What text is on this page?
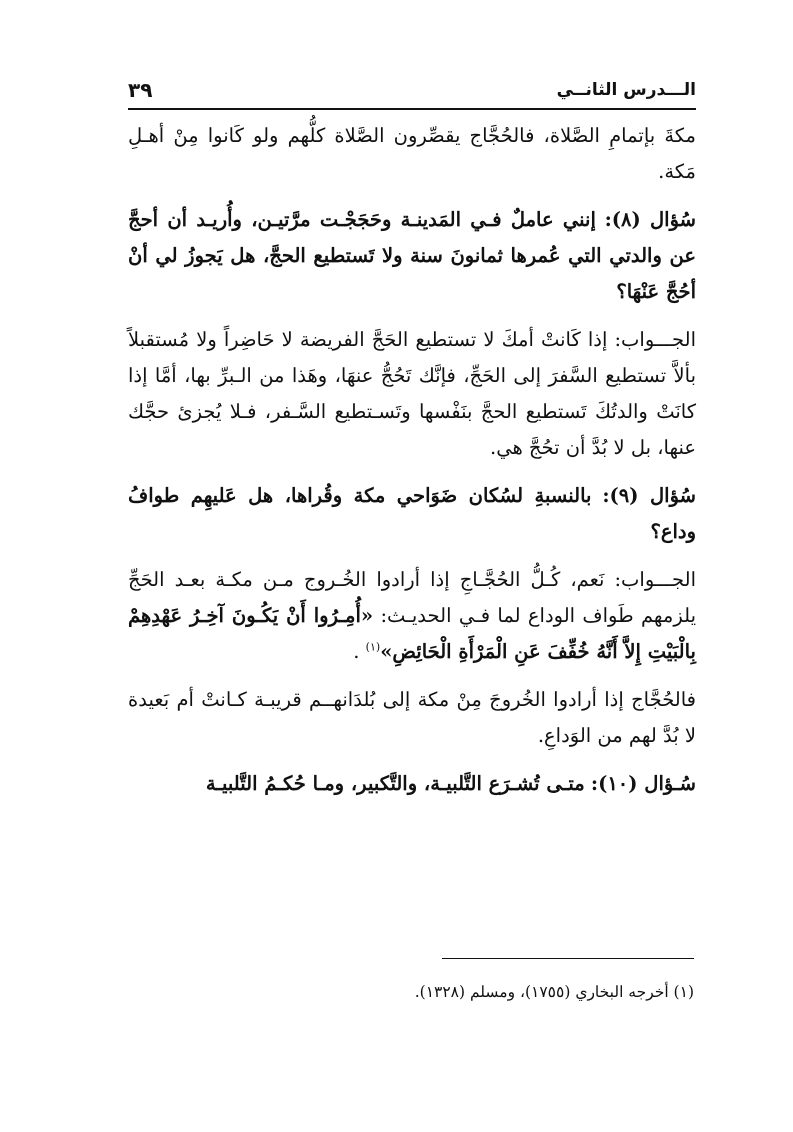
الـــدرس الثانــي
٣٩

مكةَ بإتمامِ الصَّلاة، فالحُجَّاج يقصِّرون الصَّلاة كلُّهم ولو كَانوا مِنْ أهـلِ مَكة.

سُؤال (٨): إنني عاملٌ فـي المَدينـة وحَجَجْـت مرَّتيـن، وأُريـد أن أحجَّ عن والدتي التي عُمرها ثمانونَ سنة ولا تَستطيع الحجَّ، هل يَجوزُ لي أنْ أحُجَّ عَنْهَا؟

الجـــواب: إذا كَانتْ أمكَ لا تستطيع الحَجَّ الفريضة لا حَاضِراً ولا مُستقبلاً بألاَّ تستطيع السَّفرَ إلى الحَجِّ، فإنَّك تَحُجُّ عنهَا، وهَذا من الـبرِّ بها، أمَّا إذا كانَتْ والدتُكَ تَستطيع الحجَّ بنَفْسها وتَسـتطيع السَّـفر، فـلا يُجزئ حجَّك عنها، بل لا بُدَّ أن تحُجَّ هي.

سُؤال (٩): بالنسبةِ لسُكان ضَوَاحي مكة وقُراها، هل عَليهِم طوافُ وداع؟

الجـــواب: نَعم، كُـلُّ الحُجَّـاجِ إذا أرادوا الخُـروج مـن مكـة بعـد الحَجِّ يلزمهم طَواف الوداع لما فـي الحديـث: «أُمِـرُوا أَنْ يَكُـونَ آخِـرُ عَهْدِهِمْ بِالْبَيْتِ إِلاَّ أَنَّهُ خُفِّفَ عَنِ الْمَرْأَةِ الْحَائِضِ»$^{(١)}$ .

فالحُجَّاج إذا أرادوا الخُروجَ مِنْ مكة إلى بُلدَانهــم قريبـة كـانتْ أم بَعيدة لا بُدَّ لهم من الوَداعِ.

سُـؤال (١٠): متـى تُشـرَع التَّلبيـة، والتَّكبير، ومـا حُكـمُ التَّلبيـة

(١) أخرجه البخاري (١٧٥٥)، ومسلم (١٣٢٨).
